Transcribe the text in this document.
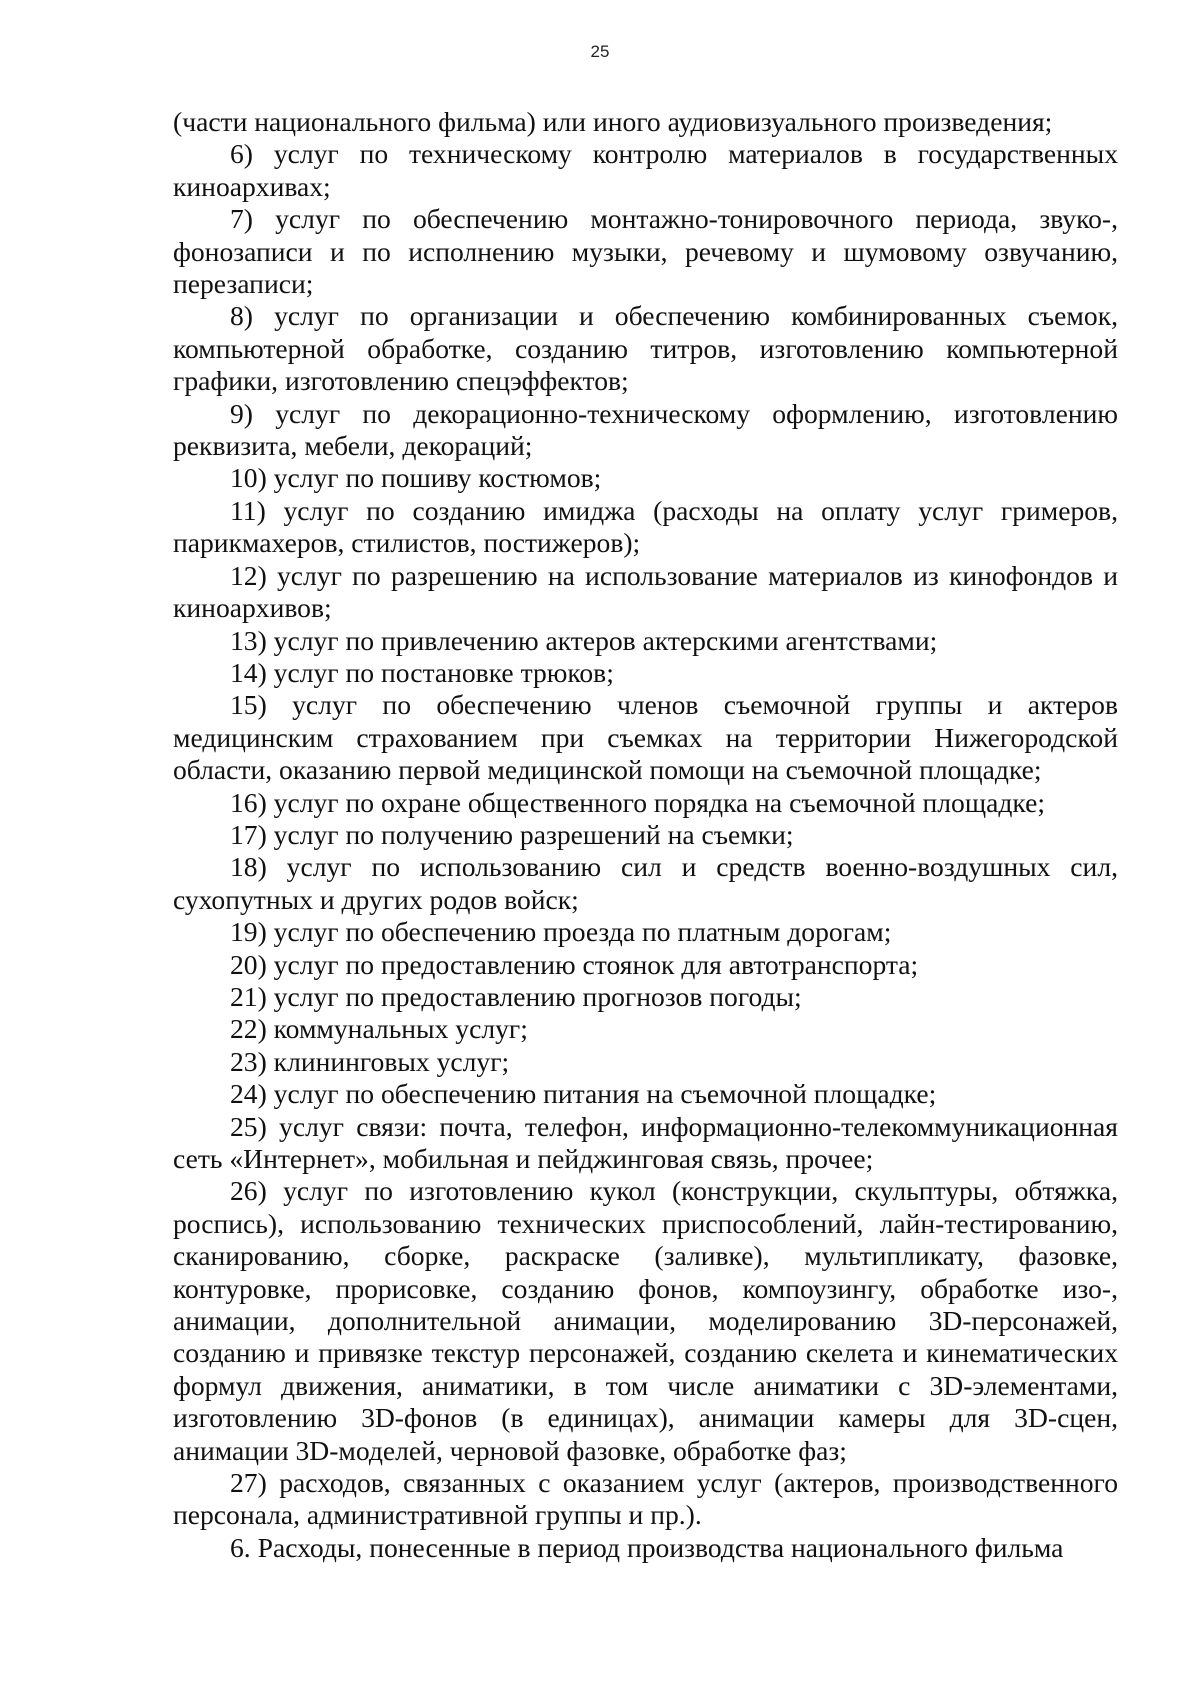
25

(части национального фильма) или иного аудиовизуального произведения;

6) услуг по техническому контролю материалов в государственных киноархивах;

7) услуг по обеспечению монтажно-тонировочного периода, звуко-, фонозаписи и по исполнению музыки, речевому и шумовому озвучанию, перезаписи;

8) услуг по организации и обеспечению комбинированных съемок, компьютерной обработке, созданию титров, изготовлению компьютерной графики, изготовлению спецэффектов;

9) услуг по декорационно-техническому оформлению, изготовлению реквизита, мебели, декораций;

10) услуг по пошиву костюмов;

11) услуг по созданию имиджа (расходы на оплату услуг гримеров, парикмахеров, стилистов, постижеров);

12) услуг по разрешению на использование материалов из кинофондов и киноархивов;

13) услуг по привлечению актеров актерскими агентствами;

14) услуг по постановке трюков;

15) услуг по обеспечению членов съемочной группы и актеров медицинским страхованием при съемках на территории Нижегородской области, оказанию первой медицинской помощи на съемочной площадке;

16) услуг по охране общественного порядка на съемочной площадке;

17) услуг по получению разрешений на съемки;

18) услуг по использованию сил и средств военно-воздушных сил, сухопутных и других родов войск;

19) услуг по обеспечению проезда по платным дорогам;

20) услуг по предоставлению стоянок для автотранспорта;

21) услуг по предоставлению прогнозов погоды;

22) коммунальных услуг;

23) клининговых услуг;

24) услуг по обеспечению питания на съемочной площадке;

25) услуг связи: почта, телефон, информационно-телекоммуникационная сеть «Интернет», мобильная и пейджинговая связь, прочее;

26) услуг по изготовлению кукол (конструкции, скульптуры, обтяжка, роспись), использованию технических приспособлений, лайн-тестированию, сканированию, сборке, раскраске (заливке), мультипликату, фазовке, контуровке, прорисовке, созданию фонов, компоузингу, обработке изо-, анимации, дополнительной анимации, моделированию 3D-персонажей, созданию и привязке текстур персонажей, созданию скелета и кинематических формул движения, аниматики, в том числе аниматики с 3D-элементами, изготовлению 3D-фонов (в единицах), анимации камеры для 3D-сцен, анимации 3D-моделей, черновой фазовке, обработке фаз;

27) расходов, связанных с оказанием услуг (актеров, производственного персонала, административной группы и пр.).

6. Расходы, понесенные в период производства национального фильма
